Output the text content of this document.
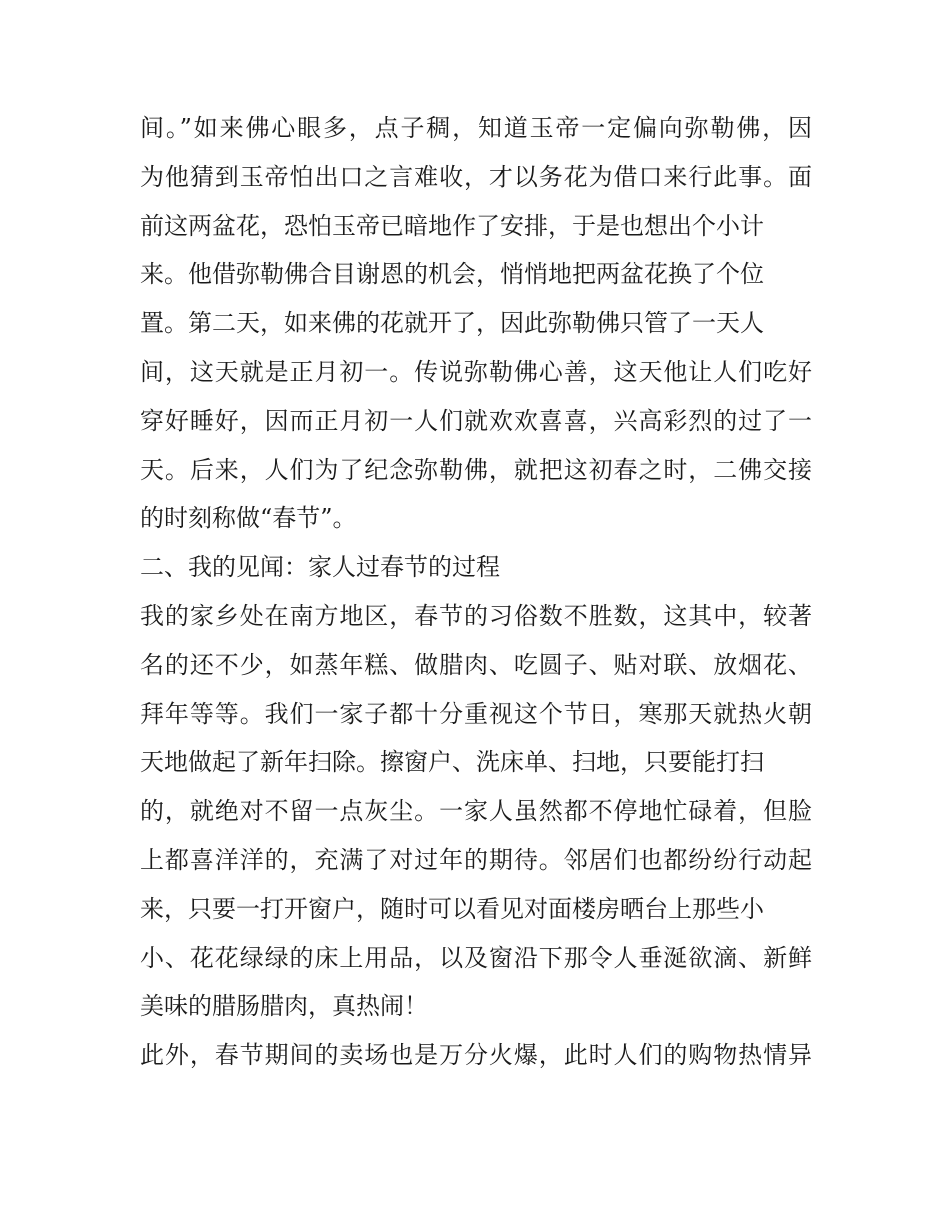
间。”如来佛心眼多，点子稠，知道玉帝一定偏向弥勒佛，因
为他猜到玉帝怕出口之言难收，才以务花为借口来行此事。面
前这两盆花，恐怕玉帝已暗地作了安排，于是也想出个小计
来。他借弥勒佛合目谢恩的机会，悄悄地把两盆花换了个位
置。第二天，如来佛的花就开了，因此弥勒佛只管了一天人
间，这天就是正月初一。传说弥勒佛心善，这天他让人们吃好
穿好睡好，因而正月初一人们就欢欢喜喜，兴高彩烈的过了一
天。后来，人们为了纪念弥勒佛，就把这初春之时，二佛交接
的时刻称做“春节”。
二、我的见闻：家人过春节的过程
我的家乡处在南方地区，春节的习俗数不胜数，这其中，较著
名的还不少，如蒸年糕、做腊肉、吃圆子、贴对联、放烟花、
拜年等等。我们一家子都十分重视这个节日，寒那天就热火朝
天地做起了新年扫除。擦窗户、洗床单、扫地，只要能打扫
的，就绝对不留一点灰尘。一家人虽然都不停地忙碌着，但脸
上都喜洋洋的，充满了对过年的期待。邻居们也都纷纷行动起
来，只要一打开窗户，随时可以看见对面楼房晒台上那些小
小、花花绿绿的床上用品，以及窗沿下那令人垂涎欲滴、新鲜
美味的腊肠腊肉，真热闹！
此外，春节期间的卖场也是万分火爆，此时人们的购物热情异
